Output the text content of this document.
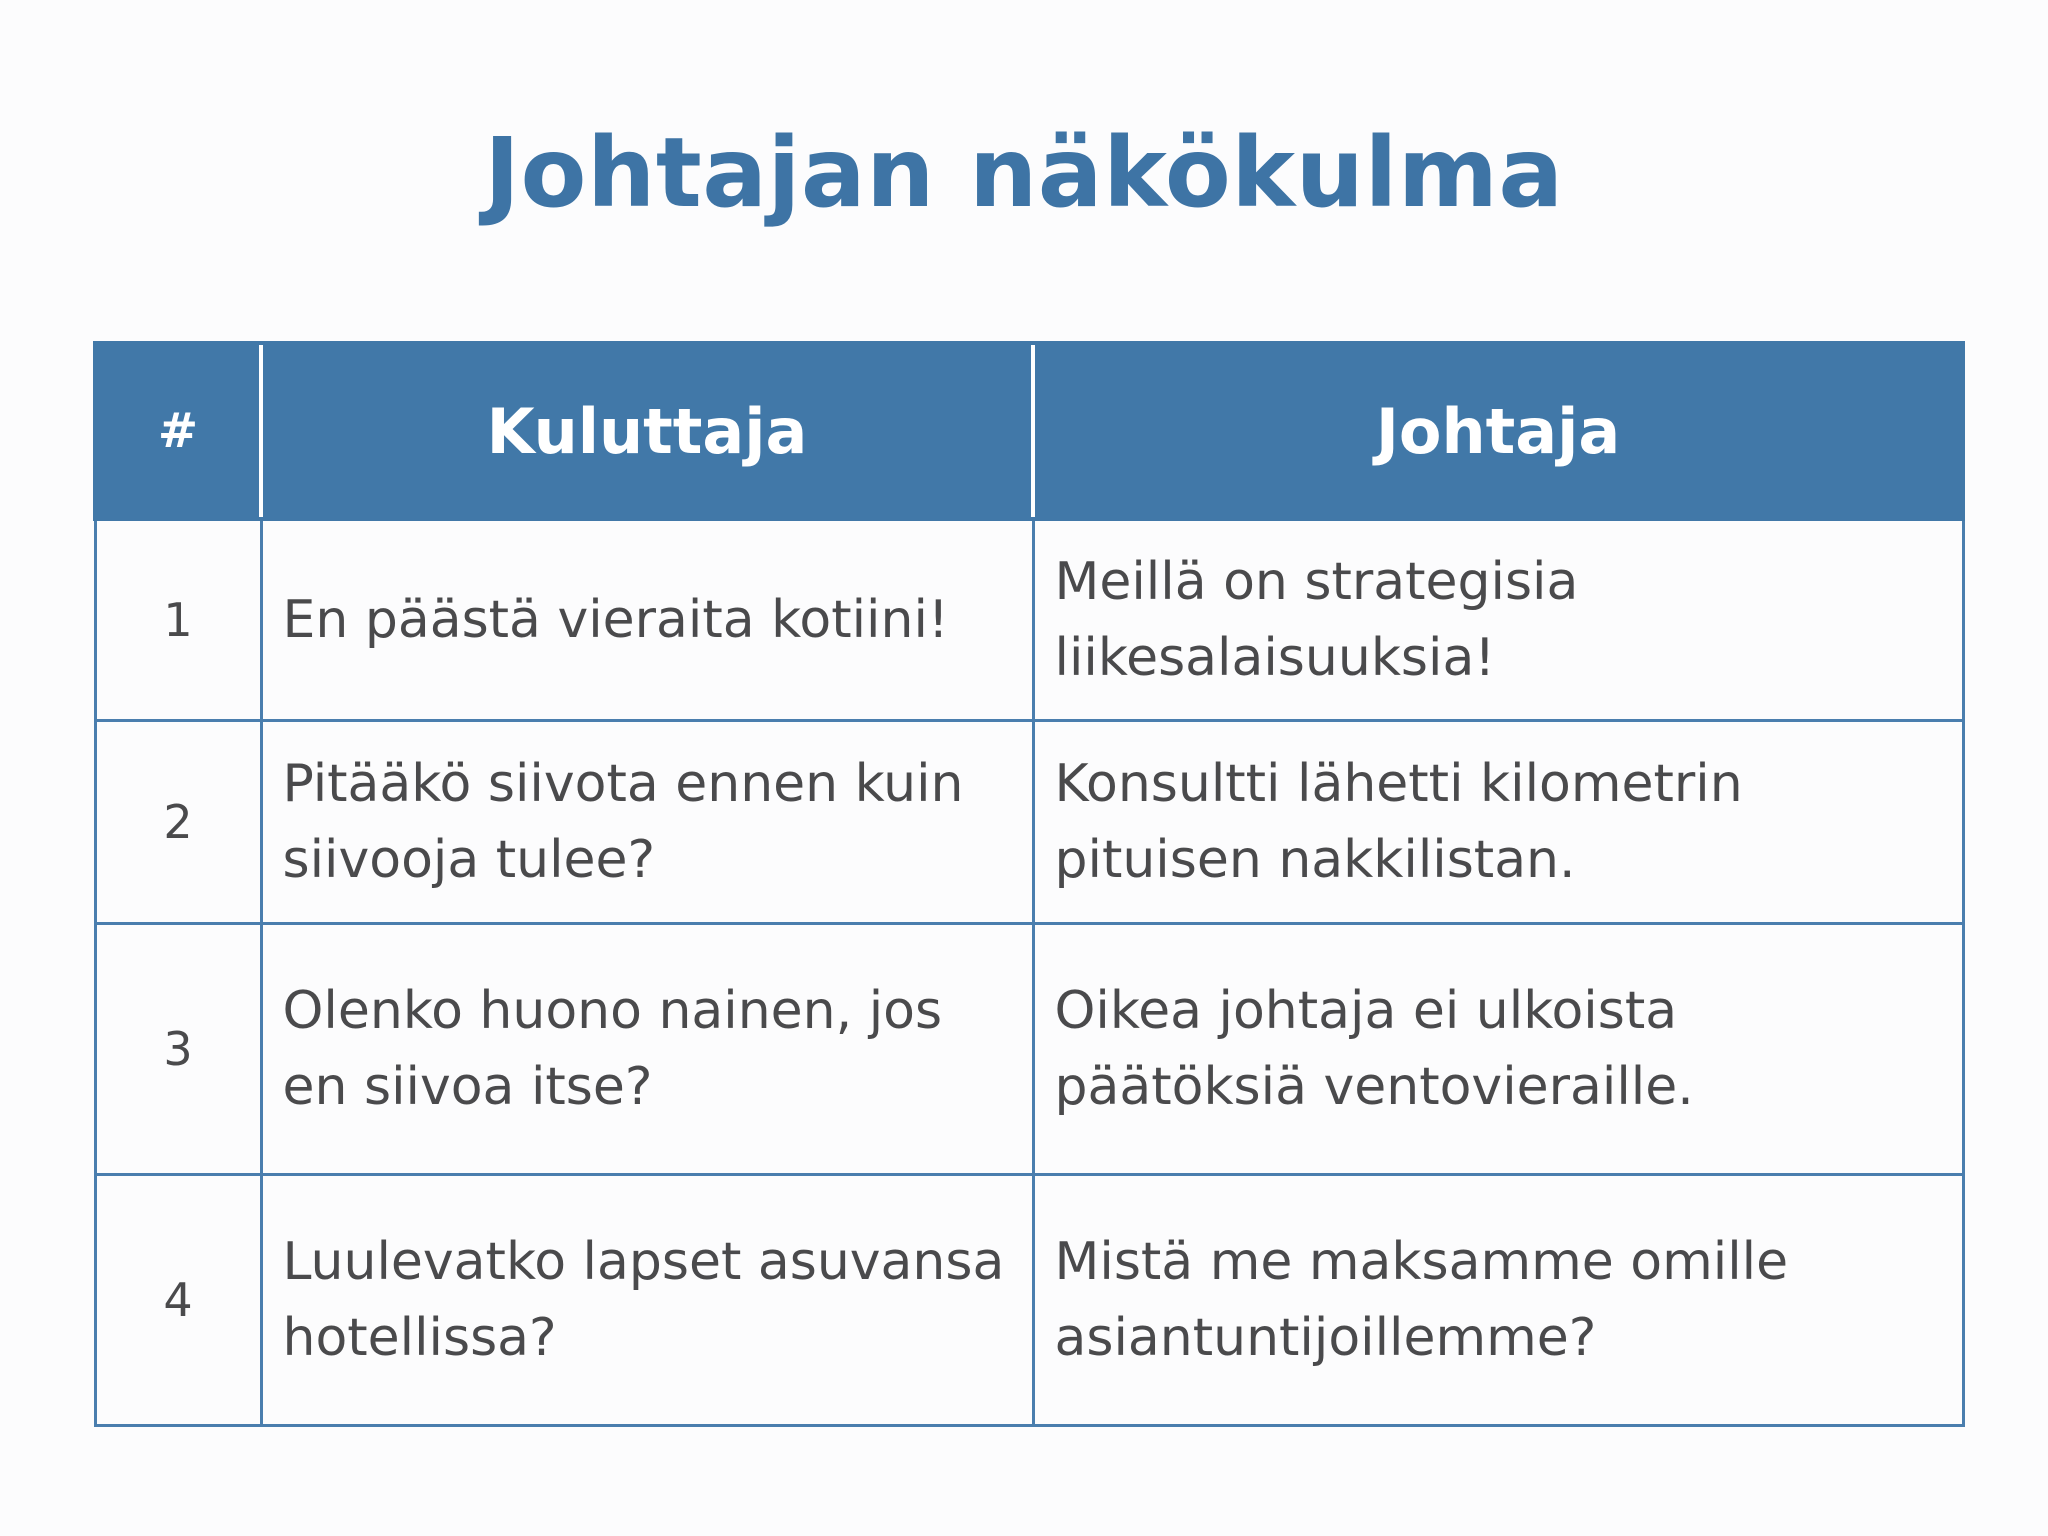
Johtajan näkökulma
#	Kuluttaja	Johtaja
1	En päästä vieraita kotiini!	Meillä on strategisia liikesalaisuuksia!
2	Pitääkö siivota ennen kuin siivooja tulee?	Konsultti lähetti kilometrin pituisen nakkilistan.
3	Olenko huono nainen, jos en siivoa itse?	Oikea johtaja ei ulkoista päätöksiä ventovieraille.
4	Luulevatko lapset asuvansa hotellissa?	Mistä me maksamme omille asiantuntijoillemme?
